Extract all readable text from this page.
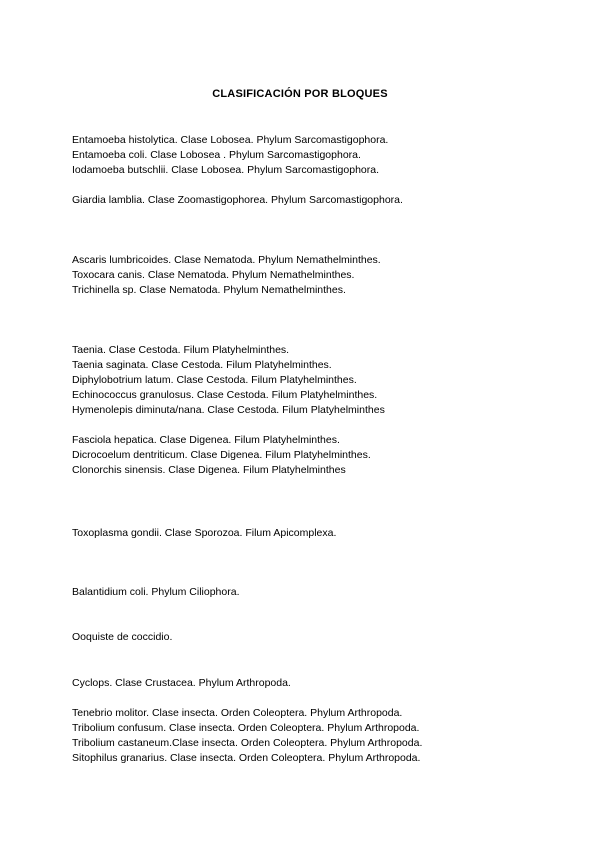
CLASIFICACIÓN POR BLOQUES
Entamoeba histolytica. Clase Lobosea. Phylum Sarcomastigophora.
Entamoeba coli. Clase Lobosea . Phylum Sarcomastigophora.
Iodamoeba butschlii. Clase Lobosea. Phylum Sarcomastigophora.
Giardia lamblia. Clase Zoomastigophorea. Phylum Sarcomastigophora.
Ascaris lumbricoides. Clase Nematoda. Phylum Nemathelminthes.
Toxocara canis. Clase Nematoda. Phylum Nemathelminthes.
Trichinella sp. Clase Nematoda. Phylum Nemathelminthes.
Taenia. Clase Cestoda. Filum Platyhelminthes.
Taenia saginata. Clase Cestoda. Filum Platyhelminthes.
Diphylobotrium latum. Clase Cestoda. Filum Platyhelminthes.
Echinococcus granulosus. Clase Cestoda. Filum Platyhelminthes.
Hymenolepis diminuta/nana. Clase Cestoda. Filum Platyhelminthes
Fasciola hepatica. Clase Digenea. Filum Platyhelminthes.
Dicrocoelum dentriticum. Clase Digenea. Filum Platyhelminthes.
Clonorchis sinensis. Clase Digenea. Filum Platyhelminthes
Toxoplasma gondii. Clase Sporozoa. Filum Apicomplexa.
Balantidium coli. Phylum Ciliophora.
Ooquiste de coccidio.
Cyclops. Clase Crustacea. Phylum Arthropoda.
Tenebrio molitor. Clase insecta. Orden Coleoptera. Phylum Arthropoda.
Tribolium confusum. Clase insecta. Orden Coleoptera. Phylum Arthropoda.
Tribolium castaneum.Clase insecta. Orden Coleoptera. Phylum Arthropoda.
Sitophilus granarius. Clase insecta. Orden Coleoptera. Phylum Arthropoda.
